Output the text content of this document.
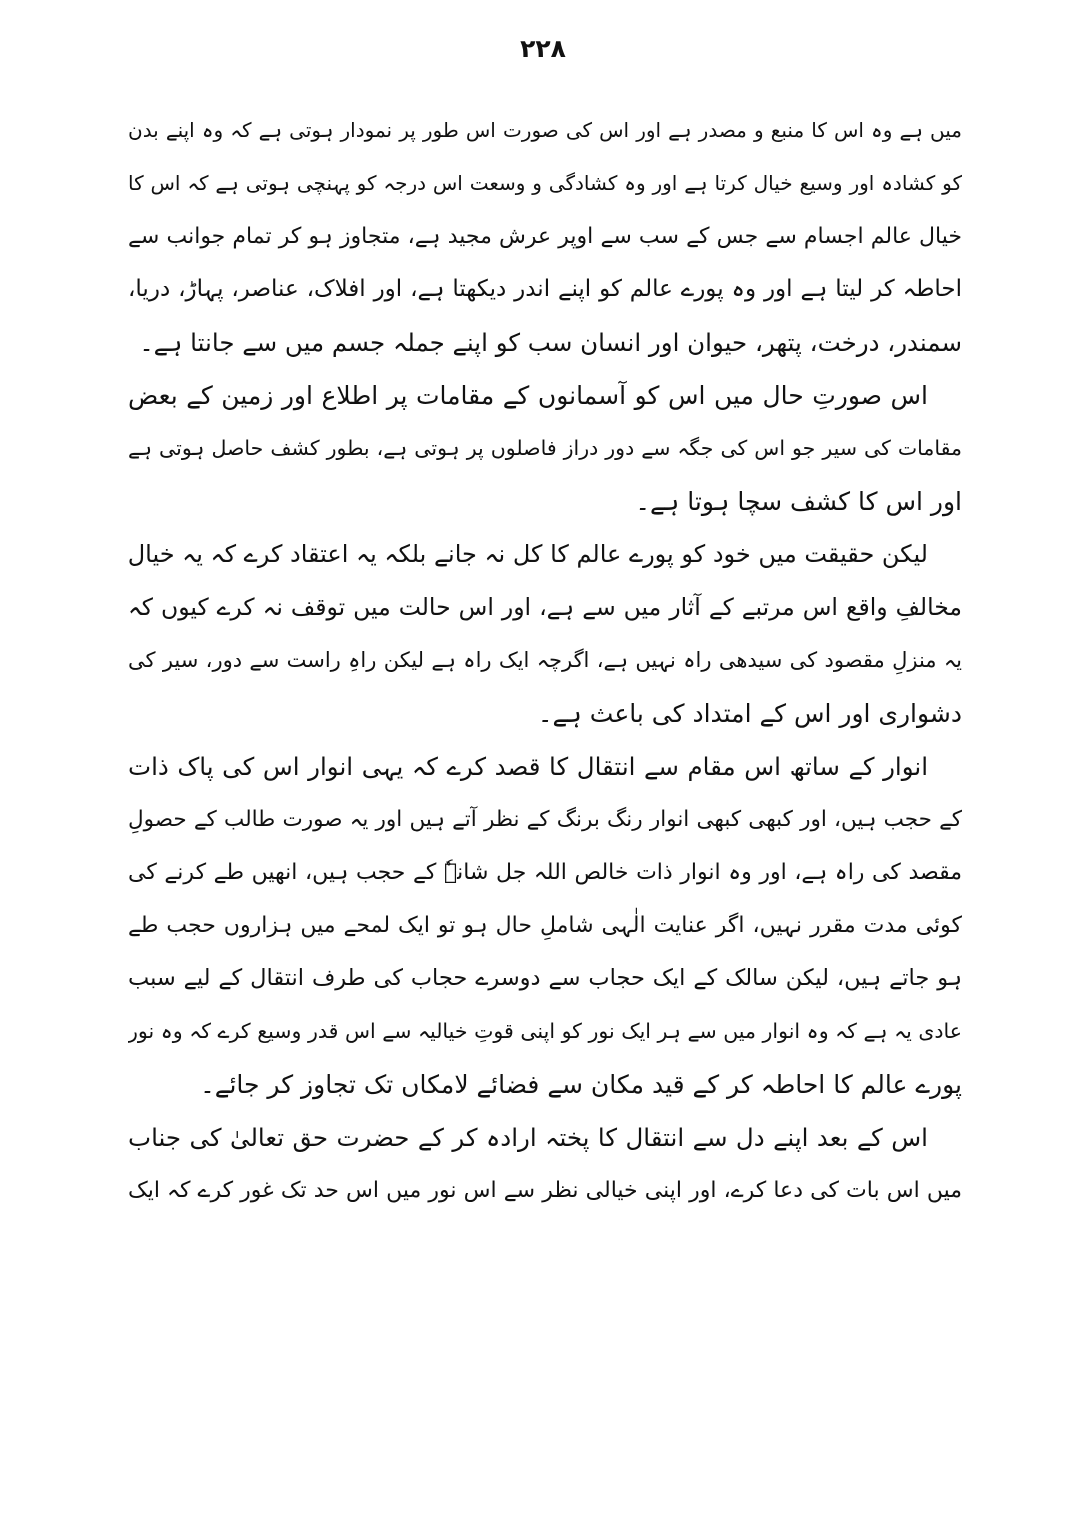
۲۲۸
میں ہے وہ اس کا منبع و مصدر ہے اور اس کی صورت اس طور پر نمودار ہوتی ہے کہ وہ اپنے بدن
کو کشادہ اور وسیع خیال کرتا ہے اور وہ کشادگی و وسعت اس درجہ کو پہنچی ہوتی ہے کہ اس کا
خیال عالم اجسام سے جس کے سب سے اوپر عرش مجید ہے، متجاوز ہو کر تمام جوانب سے
احاطہ کر لیتا ہے اور وہ پورے عالم کو اپنے اندر دیکھتا ہے، اور افلاک، عناصر، پہاڑ، دریا،
سمندر، درخت، پتھر، حیوان اور انسان سب کو اپنے جملہ جسم میں سے جانتا ہے۔
اس صورتِ حال میں اس کو آسمانوں کے مقامات پر اطلاع اور زمین کے بعض
مقامات کی سیر جو اس کی جگہ سے دور دراز فاصلوں پر ہوتی ہے، بطور کشف حاصل ہوتی ہے
اور اس کا کشف سچا ہوتا ہے۔
لیکن حقیقت میں خود کو پورے عالم کا کل نہ جانے بلکہ یہ اعتقاد کرے کہ یہ خیال
مخالفِ واقع اس مرتبے کے آثار میں سے ہے، اور اس حالت میں توقف نہ کرے کیوں کہ
یہ منزلِ مقصود کی سیدھی راہ نہیں ہے، اگرچہ ایک راہ ہے لیکن راہِ راست سے دور، سیر کی
دشواری اور اس کے امتداد کی باعث ہے۔
انوار کے ساتھ اس مقام سے انتقال کا قصد کرے کہ یہی انوار اس کی پاک ذات
کے حجب ہیں، اور کبھی کبھی انوار رنگ برنگ کے نظر آتے ہیں اور یہ صورت طالب کے حصولِ
مقصد کی راہ ہے، اور وہ انوار ذات خالص اللہ جل شانہٗ کے حجب ہیں، انھیں طے کرنے کی
کوئی مدت مقرر نہیں، اگر عنایت الٰہی شاملِ حال ہو تو ایک لمحے میں ہزاروں حجب طے
ہو جاتے ہیں، لیکن سالک کے ایک حجاب سے دوسرے حجاب کی طرف انتقال کے لیے سبب
عادی یہ ہے کہ وہ انوار میں سے ہر ایک نور کو اپنی قوتِ خیالیہ سے اس قدر وسیع کرے کہ وہ نور
پورے عالم کا احاطہ کر کے قید مکان سے فضائے لامکاں تک تجاوز کر جائے۔
اس کے بعد اپنے دل سے انتقال کا پختہ ارادہ کر کے حضرت حق تعالیٰ کی جناب
میں اس بات کی دعا کرے، اور اپنی خیالی نظر سے اس نور میں اس حد تک غور کرے کہ ایک
